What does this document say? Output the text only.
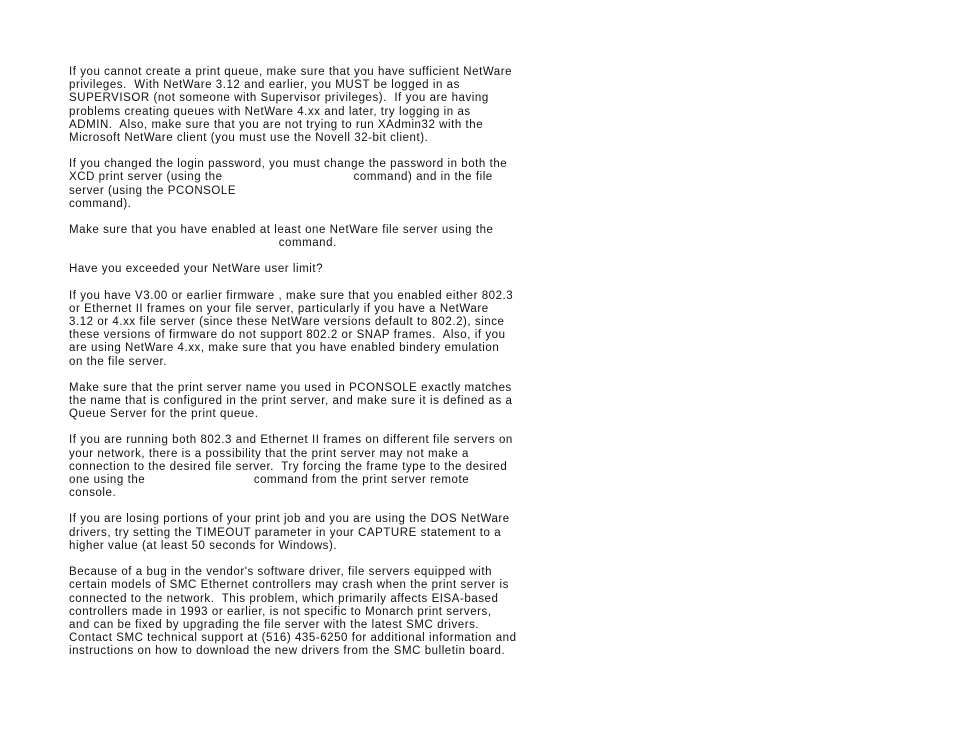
If you cannot create a print queue, make sure that you have sufficient NetWare
privileges.  With NetWare 3.12 and earlier, you MUST be logged in as
SUPERVISOR (not someone with Supervisor privileges).  If you are having
problems creating queues with NetWare 4.xx and later, try logging in as
ADMIN.  Also, make sure that you are not trying to run XAdmin32 with the
Microsoft NetWare client (you must use the Novell 32-bit client).

If you changed the login password, you must change the password in both the
XCD print server (using the                                   command) and in the file
server (using the PCONSOLE
command).

Make sure that you have enabled at least one NetWare file server using the
command.

Have you exceeded your NetWare user limit?

If you have V3.00 or earlier firmware , make sure that you enabled either 802.3
or Ethernet II frames on your file server, particularly if you have a NetWare
3.12 or 4.xx file server (since these NetWare versions default to 802.2), since
these versions of firmware do not support 802.2 or SNAP frames.  Also, if you
are using NetWare 4.xx, make sure that you have enabled bindery emulation
on the file server.

Make sure that the print server name you used in PCONSOLE exactly matches
the name that is configured in the print server, and make sure it is defined as a
Queue Server for the print queue.

If you are running both 802.3 and Ethernet II frames on different file servers on
your network, there is a possibility that the print server may not make a
connection to the desired file server.  Try forcing the frame type to the desired
one using the                             command from the print server remote
console.

If you are losing portions of your print job and you are using the DOS NetWare
drivers, try setting the TIMEOUT parameter in your CAPTURE statement to a
higher value (at least 50 seconds for Windows).

Because of a bug in the vendor's software driver, file servers equipped with
certain models of SMC Ethernet controllers may crash when the print server is
connected to the network.  This problem, which primarily affects EISA-based
controllers made in 1993 or earlier, is not specific to Monarch print servers,
and can be fixed by upgrading the file server with the latest SMC drivers.
Contact SMC technical support at (516) 435-6250 for additional information and
instructions on how to download the new drivers from the SMC bulletin board.
